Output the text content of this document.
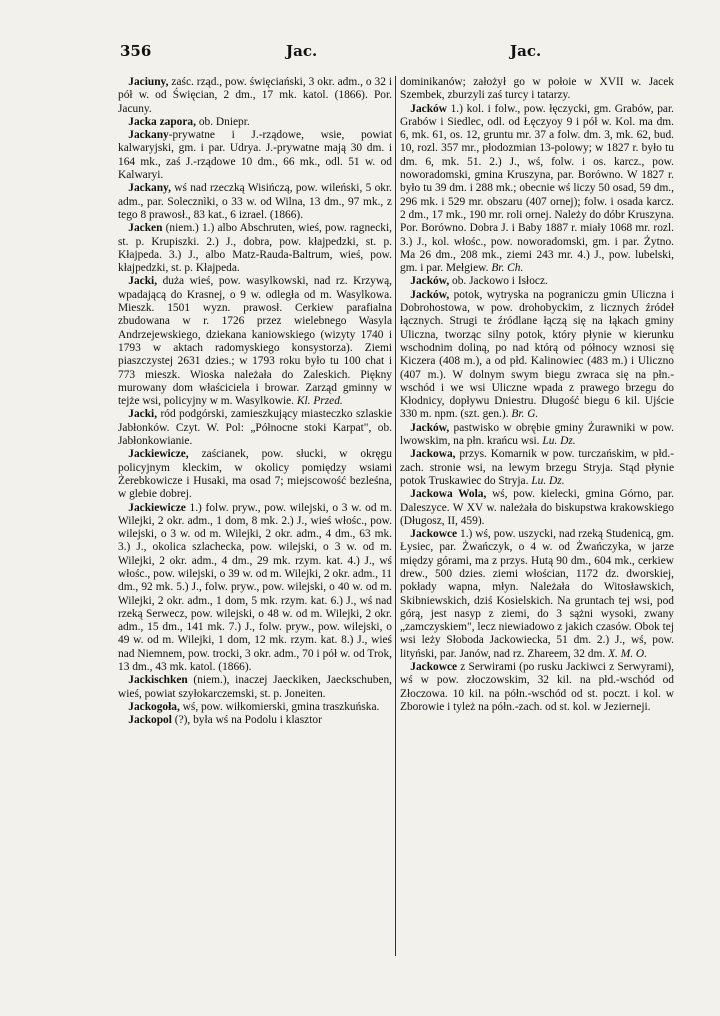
356	Jac.	Jac.

Jaciuny, zaśc. rząd., pow. święciański, 3 okr. adm., o 32 i pół w. od Święcian, 2 dm., 17 mk. katol. (1866). Por. Jacuny.

Jacka zapora, ob. Dniepr.

Jackany-prywatne i J.-rządowe, wsie, powiat kalwaryjski, gm. i par. Udrya. J.-prywatne mają 30 dm. i 164 mk., zaś J.-rządowe 10 dm., 66 mk., odl. 51 w. od Kalwaryi.

Jackany, wś nad rzeczką Wisińczą, pow. wileński, 5 okr. adm., par. Solecznìki, o 33 w. od Wilna, 13 dm., 97 mk., z tego 8 prawosł., 83 kat., 6 izrael. (1866).

Jacken (niem.) 1.) albo Abschruten, wieś, pow. ragnecki, st. p. Krupiszki. 2.) J., dobra, pow. kłajpedzki, st. p. Kłajpeda. 3.) J., albo Matz-Rauda-Baltrum, wieś, pow. kłajpedzki, st. p. Kłajpeda.

Jacki, duża wieś, pow. wasylkowski, nad rz. Krzywą, wpadającą do Krasnej, o 9 w. odległa od m. Wasylkowa. Mieszk. 1501 wyzn. prawosł. Cerkiew parafialna zbudowana w r. 1726 przez wielebnego Wasyla Andrzejewskiego, dziekana kaniowskiego (wizyty 1740 i 1793 w aktach radomyskiego konsystorza). Ziemi piaszczystej 2631 dzies.; w 1793 roku było tu 100 chat i 773 mieszk. Wioska należała do Zaleskich. Piękny murowany dom właściciela i browar. Zarząd gminny w tejże wsi, policyjny w m. Wasylkowie. Kl. Przed.

Jacki, ród podgórski, zamieszkujący miasteczko szlaskie Jabłonków. Czyt. W. Pol: „Północne stoki Karpat", ob. Jabłonkowianie.

Jackiewicze, zaścianek, pow. słucki, w okręgu policyjnym kleckim, w okolicy pomiędzy wsiami Żerebkowicze i Husaki, ma osad 7; miejscowość bezleśna, w glebie dobrej.

Jackiewicze 1.) folw. pryw., pow. wilejski, o 3 w. od m. Wilejki, 2 okr. adm., 1 dom, 8 mk. 2.) J., wieś włośc., pow. wilejski, o 3 w. od m. Wilejki, 2 okr. adm., 4 dm., 63 mk. 3.) J., okolica szlachecka, pow. wilejski, o 3 w. od m. Wilejki, 2 okr. adm., 4 dm., 29 mk. rzym. kat. 4.) J., wś włośc., pow. wilejski, o 39 w. od m. Wilejki, 2 okr. adm., 11 dm., 92 mk. 5.) J., folw. pryw., pow. wilejski, o 40 w. od m. Wilejki, 2 okr. adm., 1 dom, 5 mk. rzym. kat. 6.) J., wś nad rzeką Serwecz, pow. wilejski, o 48 w. od m. Wilejki, 2 okr. adm., 15 dm., 141 mk. 7.) J., folw. pryw., pow. wilejski, o 49 w. od m. Wilejki, 1 dom, 12 mk. rzym. kat. 8.) J., wieś nad Niemnem, pow. trocki, 3 okr. adm., 70 i pół w. od Trok, 13 dm., 43 mk. katol. (1866).

Jackischken (niem.), inaczej Jaeckiken, Jaeckschuben, wieś, powiat szyłokarczemski, st. p. Joneiten.

Jackogoła, wś, pow. wiłkomierski, gmina traszkuńska.

Jackopol (?), była wś na Podolu i klasztor

dominikanów; założył go w połoie w XVII w. Jacek Szembek, zburzyli zaś turcy i tatarzy.

Jacków 1.) kol. i folw., pow. łęczycki, gm. Grabów, par. Grabów i Siedlec, odl. od Łęczyoy 9 i pół w. Kol. ma dm. 6, mk. 61, os. 12, gruntu mr. 37 a folw. dm. 3, mk. 62, bud. 10, rozl. 357 mr., płodozmian 13-polowy; w 1827 r. było tu dm. 6, mk. 51. 2.) J., wś, folw. i os. karcz., pow. noworadomski, gmina Kruszyna, par. Borówno. W 1827 r. było tu 39 dm. i 288 mk.; obecnie wś liczy 50 osad, 59 dm., 296 mk. i 529 mr. obszaru (407 ornej); folw. i osada karcz. 2 dm., 17 mk., 190 mr. roli ornej. Należy do dóbr Kruszyna. Por. Borówno. Dobra J. i Baby 1887 r. miały 1068 mr. rozl. 3.) J., kol. włośc., pow. noworadomski, gm. i par. Żytno. Ma 26 dm., 208 mk., ziemi 243 mr. 4.) J., pow. lubelski, gm. i par. Mełgiew. Br. Ch.

Jacków, ob. Jackowo i Isłocz.

Jacków, potok, wytryska na pograniczu gmin Uliczna i Dobrohostowa, w pow. drohobyckim, z licznych źródeł łącznych. Strugi te źródlane łączą się na łąkach gminy Uliczna, tworząc silny potok, który płynie w kierunku wschodnim doliną, po nad którą od północy wznosi się Kiczera (408 m.), a od płd. Kalinowiec (483 m.) i Uliczno (407 m.). W dolnym swym biegu zwraca się na płn.-wschód i we wsi Uliczne wpada z prawego brzegu do Kłodnicy, dopływu Dniestru. Długość biegu 6 kil. Ujście 330 m. npm. (szt. gen.). Br. G.

Jacków, pastwisko w obrębie gminy Żurawniki w pow. lwowskim, na płn. krańcu wsi. Lu. Dz.

Jackowa, przys. Komarnik w pow. turczańskim, w płd.-zach. stronie wsi, na lewym brzegu Stryja. Stąd płynie potok Truskawiec do Stryja. Lu. Dz.

Jackowa Wola, wś, pow. kielecki, gmina Górno, par. Daleszyce. W XV w. należała do biskupstwa krakowskiego (Długosz, II, 459).

Jackowce 1.) wś, pow. uszycki, nad rzeką Studenicą, gm. Łysiec, par. Żwańczyk, o 4 w. od Żwańczyka, w jarze między górami, ma z przys. Hutą 90 dm., 604 mk., cerkiew drew., 500 dzies. ziemi włościan, 1172 dz. dworskiej, pokłady wapna, młyn. Należała do Witosławskich, Skibniewskich, dziś Kosielskich. Na gruntach tej wsi, pod górą, jest nasyp z ziemi, do 3 sążni wysoki, zwany „zamczyskiem", lecz niewiadowo z jakich czasów. Obok tej wsi leży Słoboda Jackowiecka, 51 dm. 2.) J., wś, pow. lityński, par. Janów, nad rz. Zhareem, 32 dm. X. M. O.

Jackowce z Serwirami (po rusku Jackiwci z Serwyrami), wś w pow. złoczowskim, 32 kil. na płd.-wschód od Złoczowa. 10 kil. na półn.-wschód od st. poczt. i kol. w Zborowie i tyleż na półn.-zach. od st. kol. w Jezierneji.
